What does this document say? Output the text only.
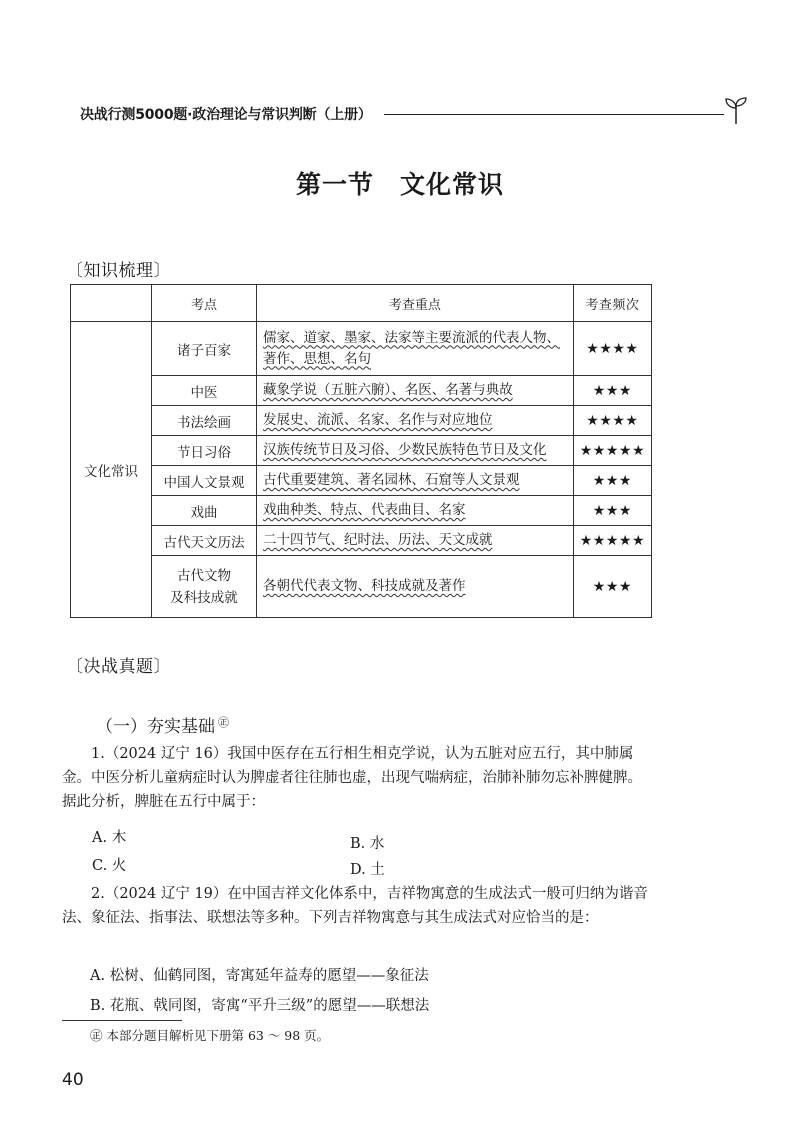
决战行测5000题·政治理论与常识判断（上册）
第一节　文化常识
〔知识梳理〕
	考点	考查重点	考查频次
文化常识	诸子百家	儒家、道家、墨家、法家等主要流派的代表人物、著作、思想、名句	★★★★
	中医	藏象学说（五脏六腑）、名医、名著与典故	★★★
	书法绘画	发展史、流派、名家、名作与对应地位	★★★★
	节日习俗	汉族传统节日及习俗、少数民族特色节日及文化	★★★★★
	中国人文景观	古代重要建筑、著名园林、石窟等人文景观	★★★
	戏曲	戏曲种类、特点、代表曲目、名家	★★★
	古代天文历法	二十四节气、纪时法、历法、天文成就	★★★★★
	古代文物
及科技成就	各朝代代表文物、科技成就及著作	★★★
〔决战真题〕
（一）夯实基础 ㊣

1.（2024 辽宁 16）我国中医存在五行相生相克学说，认为五脏对应五行，其中肺属金。中医分析儿童病症时认为脾虚者往往肺也虚，出现气喘病症，治肺补肺勿忘补脾健脾。据此分析，脾脏在五行中属于：

A. 木	B. 水
C. 火	D. 土

2.（2024 辽宁 19）在中国吉祥文化体系中，吉祥物寓意的生成法式一般可归纳为谐音法、象征法、指事法、联想法等多种。下列吉祥物寓意与其生成法式对应恰当的是：

A. 松树、仙鹤同图，寄寓延年益寿的愿望——象征法
B. 花瓶、戟同图，寄寓“平升三级”的愿望——联想法
㊣ 本部分题目解析见下册第 63 ～ 98 页。
40
